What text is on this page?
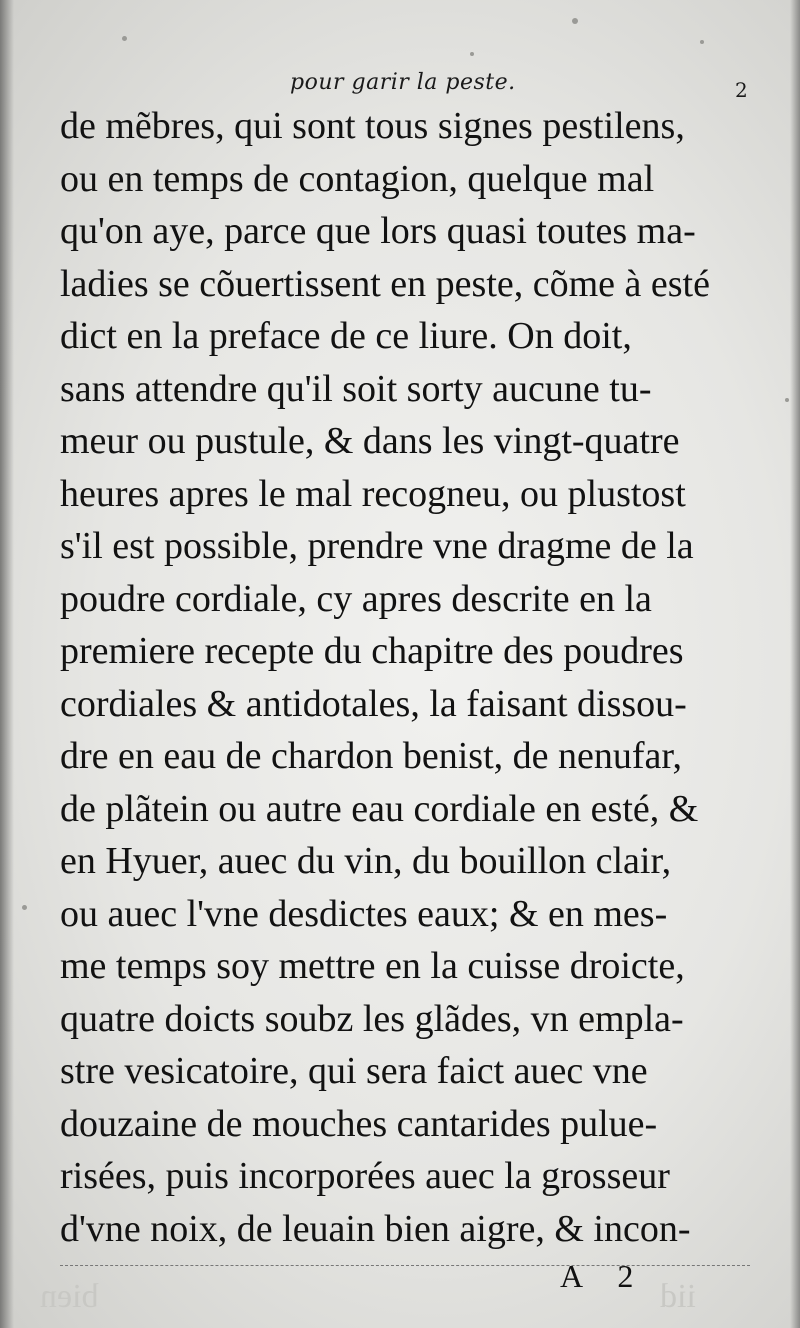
pour garir la peste.	2
de mẽbres, qui sont tous signes pestilens,
ou en temps de contagion, quelque mal
qu'on aye, parce que lors quasi toutes ma-
ladies se cõuertissent en peste, cõme à esté
dict en la preface de ce liure. On doit,
sans attendre qu'il soit sorty aucune tu-
meur ou pustule, & dans les vingt-quatre
heures apres le mal recogneu, ou plustost
s'il est possible, prendre vne dragme de la
poudre cordiale, cy apres descrite en la
premiere recepte du chapitre des poudres
cordiales & antidotales, la faisant dissou-
dre en eau de chardon benist, de nenufar,
de plãtein ou autre eau cordiale en esté, &
en Hyuer, auec du vin, du bouillon clair,
ou auec l'vne desdictes eaux; & en mes-
me temps soy mettre en la cuisse droicte,
quatre doicts soubz les glãdes, vn empla-
stre vesicatoire, qui sera faict auec vne
douzaine de mouches cantarides pulue-
risées, puis incorporées auec la grosseur
d'vne noix, de leuain bien aigre, & incon-
A 2
bien	iid
